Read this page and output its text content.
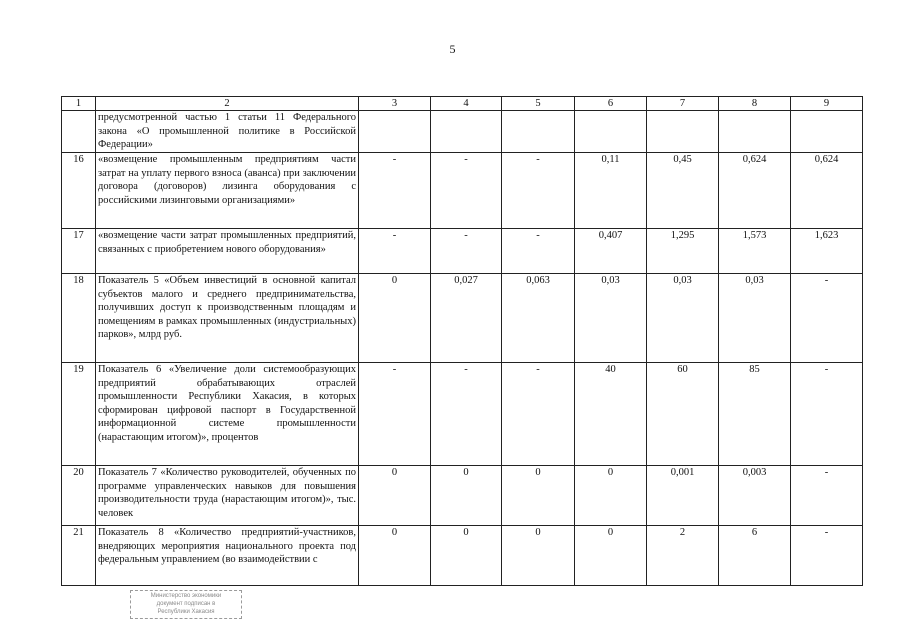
5
1	2	3	4	5	6	7	8	9
	предусмотренной частью 1 статьи 11 Федерального закона «О промышленной политике в Российской Федерации»							
16	«возмещение промышленным предприятиям части затрат на уплату первого взноса (аванса) при заключении договора (договоров) лизинга оборудования с российскими лизинговыми организациями»	-	-	-	0,11	0,45	0,624	0,624
17	«возмещение части затрат промышленных предприятий, связанных с приобретением нового оборудования»	-	-	-	0,407	1,295	1,573	1,623
18	Показатель 5 «Объем инвестиций в основной капитал субъектов малого и среднего предпринимательства, получивших доступ к производственным площадям и помещениям в рамках промышленных (индустриальных) парков», млрд руб.	0	0,027	0,063	0,03	0,03	0,03	-
19	Показатель 6 «Увеличение доли системообразующих предприятий обрабатывающих отраслей промышленности Республики Хакасия, в которых сформирован цифровой паспорт в Государственной информационной системе промышленности (нарастающим итогом)», процентов	-	-	-	40	60	85	-
20	Показатель 7 «Количество руководителей, обученных по программе управленческих навыков для повышения производительности труда (нарастающим итогом)», тыс. человек	0	0	0	0	0,001	0,003	-
21	Показатель 8 «Количество предприятий-участников, внедряющих мероприятия национального проекта под федеральным управлением (во взаимодействии с	0	0	0	0	2	6	-
Министерство экономики
документ подписан в
Республики Хакасия
